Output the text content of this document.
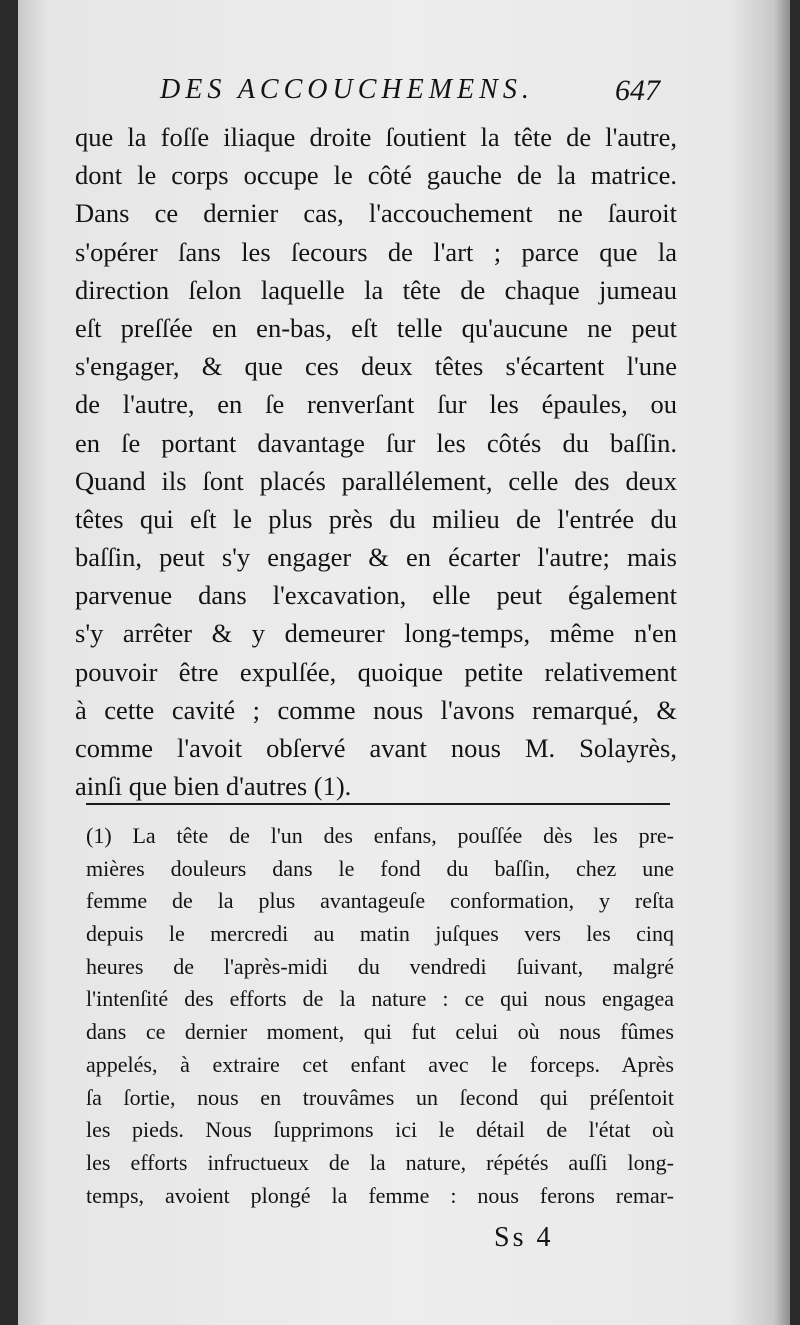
DES ACCOUCHEMENS.	647
que la foſſe iliaque droite ſoutient la tête de l'autre,
dont le corps occupe le côté gauche de la matrice.
Dans ce dernier cas, l'accouchement ne ſauroit
s'opérer ſans les ſecours de l'art ; parce que la
direction ſelon laquelle la tête de chaque jumeau
eſt preſſée en en-bas, eſt telle qu'aucune ne peut
s'engager, & que ces deux têtes s'écartent l'une
de l'autre, en ſe renverſant ſur les épaules, ou
en ſe portant davantage ſur les côtés du baſſin.
Quand ils ſont placés parallélement, celle des deux
têtes qui eſt le plus près du milieu de l'entrée du
baſſin, peut s'y engager & en écarter l'autre; mais
parvenue dans l'excavation, elle peut également
s'y arrêter & y demeurer long-temps, même n'en
pouvoir être expulſée, quoique petite relativement
à cette cavité ; comme nous l'avons remarqué, &
comme l'avoit obſervé avant nous M. Solayrès,
ainſi que bien d'autres (1).
(1) La tête de l'un des enfans, pouſſée dès les pre-
mières douleurs dans le fond du baſſin, chez une
femme de la plus avantageuſe conformation, y reſta
depuis le mercredi au matin juſques vers les cinq
heures de l'après-midi du vendredi ſuivant, malgré
l'intenſité des efforts de la nature : ce qui nous engagea
dans ce dernier moment, qui fut celui où nous fûmes
appelés, à extraire cet enfant avec le forceps. Après
ſa ſortie, nous en trouvâmes un ſecond qui préſentoit
les pieds. Nous ſupprimons ici le détail de l'état où
les efforts infructueux de la nature, répétés auſſi long-
temps, avoient plongé la femme : nous ferons remar-
Ss 4
